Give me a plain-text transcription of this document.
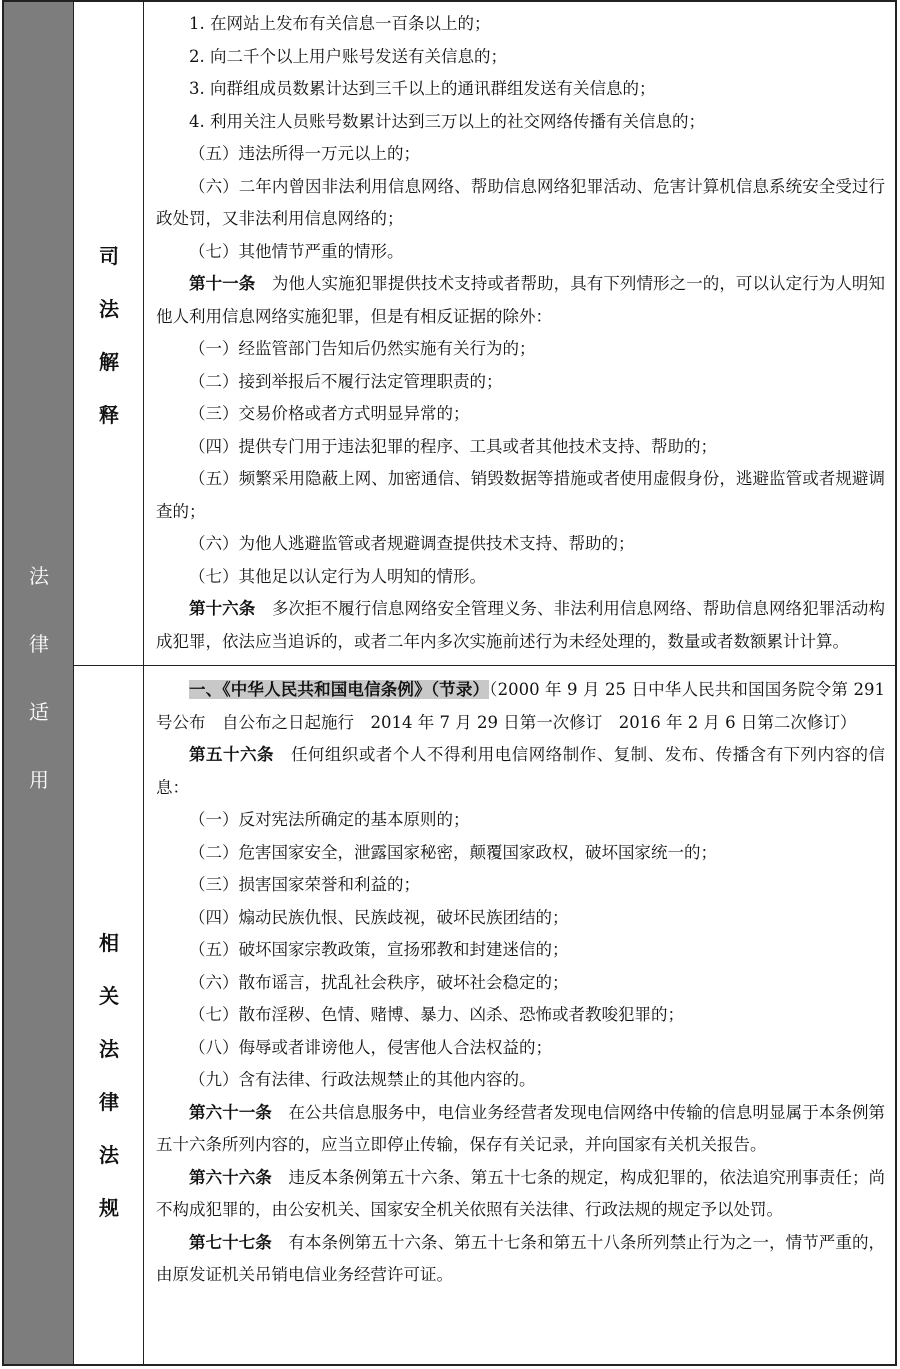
法
律
适
用
司
法
解
释
相
关
法
律
法
规

1. 在网站上发布有关信息一百条以上的；

2. 向二千个以上用户账号发送有关信息的；

3. 向群组成员数累计达到三千以上的通讯群组发送有关信息的；

4. 利用关注人员账号数累计达到三万以上的社交网络传播有关信息的；

（五）违法所得一万元以上的；

（六）二年内曾因非法利用信息网络、帮助信息网络犯罪活动、危害计算机信息系统安全受过行政处罚，又非法利用信息网络的；

（七）其他情节严重的情形。

第十一条　 为他人实施犯罪提供技术支持或者帮助，具有下列情形之一的，可以认定行为人明知他人利用信息网络实施犯罪，但是有相反证据的除外：

（一）经监管部门告知后仍然实施有关行为的；

（二）接到举报后不履行法定管理职责的；

（三）交易价格或者方式明显异常的；

（四）提供专门用于违法犯罪的程序、工具或者其他技术支持、帮助的；

（五）频繁采用隐蔽上网、加密通信、销毁数据等措施或者使用虚假身份，逃避监管或者规避调查的；

（六）为他人逃避监管或者规避调查提供技术支持、帮助的；

（七）其他足以认定行为人明知的情形。

第十六条　 多次拒不履行信息网络安全管理义务、非法利用信息网络、帮助信息网络犯罪活动构成犯罪，依法应当追诉的，或者二年内多次实施前述行为未经处理的，数量或者数额累计计算。

一、《中华人民共和国电信条例》（节录）（2000 年 9 月 25 日中华人民共和国国务院令第 291 号公布　自公布之日起施行　2014 年 7 月 29 日第一次修订　2016 年 2 月 6 日第二次修订）

第五十六条　 任何组织或者个人不得利用电信网络制作、复制、发布、传播含有下列内容的信息：

（一）反对宪法所确定的基本原则的；

（二）危害国家安全，泄露国家秘密，颠覆国家政权，破坏国家统一的；

（三）损害国家荣誉和利益的；

（四）煽动民族仇恨、民族歧视，破坏民族团结的；

（五）破坏国家宗教政策，宣扬邪教和封建迷信的；

（六）散布谣言，扰乱社会秩序，破坏社会稳定的；

（七）散布淫秽、色情、赌博、暴力、凶杀、恐怖或者教唆犯罪的；

（八）侮辱或者诽谤他人，侵害他人合法权益的；

（九）含有法律、行政法规禁止的其他内容的。

第六十一条　 在公共信息服务中，电信业务经营者发现电信网络中传输的信息明显属于本条例第五十六条所列内容的，应当立即停止传输，保存有关记录，并向国家有关机关报告。

第六十六条　 违反本条例第五十六条、第五十七条的规定，构成犯罪的，依法追究刑事责任；尚不构成犯罪的，由公安机关、国家安全机关依照有关法律、行政法规的规定予以处罚。

第七十七条　 有本条例第五十六条、第五十七条和第五十八条所列禁止行为之一，情节严重的，由原发证机关吊销电信业务经营许可证。
